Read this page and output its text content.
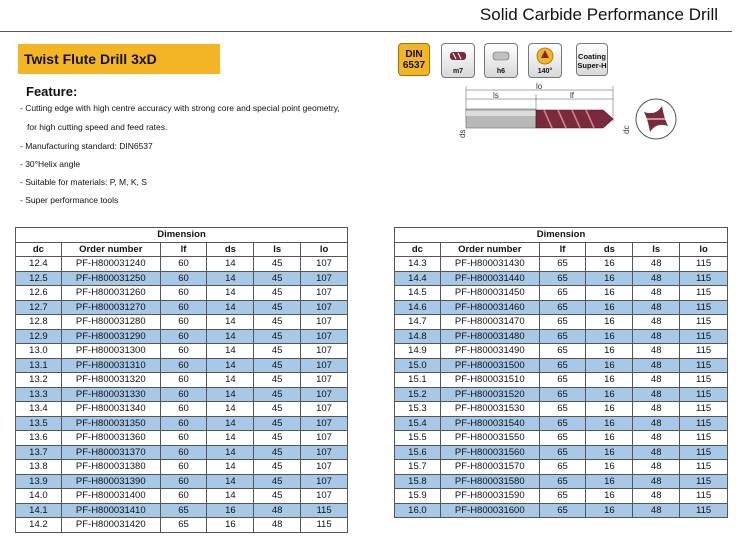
Solid Carbide Performance Drill
Twist Flute Drill 3xD	DIN
6537
m7	h6	140°
Coating
Super-H
Feature:
- Cutting edge with high centre accuracy with strong core and special point geometry,
for high cutting speed and feed rates.
- Manufacturing standard: DIN6537
- 30°Helix angle
- Suitable for materials: P, M, K, S
- Super performance tools
lo
ls	lf
ds	dc
Dimension					
dc	Order number	lf	ds	ls	lo
12.4	PF-H800031240	60	14	45	107
12.5	PF-H800031250	60	14	45	107
12.6	PF-H800031260	60	14	45	107
12.7	PF-H800031270	60	14	45	107
12.8	PF-H800031280	60	14	45	107
12.9	PF-H800031290	60	14	45	107
13.0	PF-H800031300	60	14	45	107
13.1	PF-H800031310	60	14	45	107
13.2	PF-H800031320	60	14	45	107
13.3	PF-H800031330	60	14	45	107
13.4	PF-H800031340	60	14	45	107
13.5	PF-H800031350	60	14	45	107
13.6	PF-H800031360	60	14	45	107
13.7	PF-H800031370	60	14	45	107
13.8	PF-H800031380	60	14	45	107
13.9	PF-H800031390	60	14	45	107
14.0	PF-H800031400	60	14	45	107
14.1	PF-H800031410	65	16	48	115
14.2	PF-H800031420	65	16	48	115
Dimension					
dc	Order number	lf	ds	ls	lo
14.3	PF-H800031430	65	16	48	115
14.4	PF-H800031440	65	16	48	115
14.5	PF-H800031450	65	16	48	115
14.6	PF-H800031460	65	16	48	115
14.7	PF-H800031470	65	16	48	115
14.8	PF-H800031480	65	16	48	115
14.9	PF-H800031490	65	16	48	115
15.0	PF-H800031500	65	16	48	115
15.1	PF-H800031510	65	16	48	115
15.2	PF-H800031520	65	16	48	115
15.3	PF-H800031530	65	16	48	115
15.4	PF-H800031540	65	16	48	115
15.5	PF-H800031550	65	16	48	115
15.6	PF-H800031560	65	16	48	115
15.7	PF-H800031570	65	16	48	115
15.8	PF-H800031580	65	16	48	115
15.9	PF-H800031590	65	16	48	115
16.0	PF-H800031600	65	16	48	115
